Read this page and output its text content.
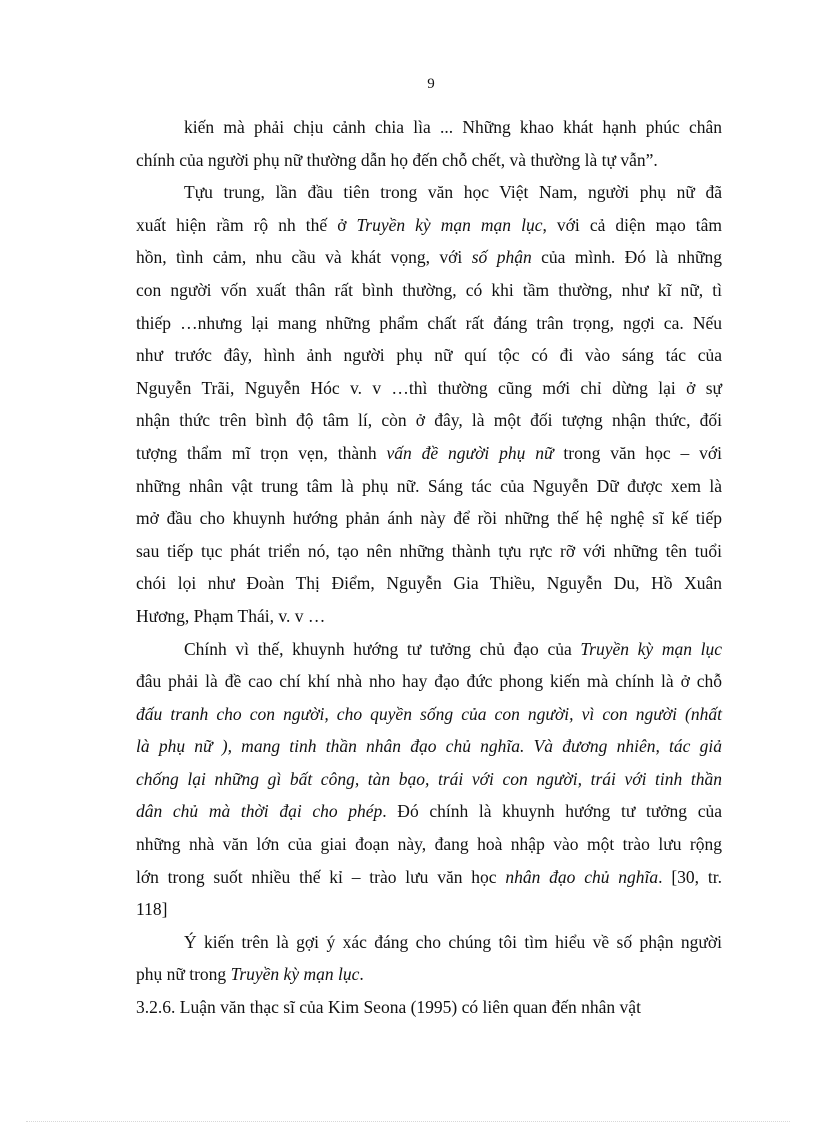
9
kiến mà phải chịu cảnh chia lìa ... Những khao khát hạnh phúc chân
chính của người phụ nữ thường dẫn họ đến chỗ chết, và thường là tự vẫn”.
Tựu trung, lần đầu tiên trong văn học Việt Nam, người phụ nữ đã
xuất hiện rầm rộ nh thế ở Truyền kỳ mạn mạn lục, với cả diện mạo tâm
hồn, tình cảm, nhu cầu và khát vọng, với số phận của mình. Đó là những
con người vốn xuất thân rất bình thường, có khi tầm thường, như kĩ nữ, tì
thiếp …nhưng lại mang những phẩm chất rất đáng trân trọng, ngợi ca. Nếu
như trước đây, hình ảnh người phụ nữ quí tộc có đi vào sáng tác của
Nguyễn Trãi, Nguyễn Hóc v. v …thì thường cũng mới chỉ dừng lại ở sự
nhận thức trên bình độ tâm lí, còn ở đây, là một đối tượng nhận thức, đối
tượng thẩm mĩ trọn vẹn, thành vấn đề người phụ nữ trong văn học – với
những nhân vật trung tâm là phụ nữ. Sáng tác của Nguyễn Dữ được xem là
mở đầu cho khuynh hướng phản ánh này để rồi những thế hệ nghệ sĩ kế tiếp
sau tiếp tục phát triển nó, tạo nên những thành tựu rực rỡ với những tên tuổi
chói lọi như Đoàn Thị Điểm, Nguyễn Gia Thiều, Nguyễn Du, Hồ Xuân
Hương, Phạm Thái, v. v …
Chính vì thế, khuynh hướng tư tưởng chủ đạo của Truyền kỳ mạn lục
đâu phải là đề cao chí khí nhà nho hay đạo đức phong kiến mà chính là ở chỗ
đấu tranh cho con người, cho quyền sống của con người, vì con người (nhất
là phụ nữ ), mang tinh thần nhân đạo chủ nghĩa. Và đương nhiên, tác giả
chống lại những gì bất công, tàn bạo, trái với con người, trái với tinh thần
dân chủ mà thời đại cho phép. Đó chính là khuynh hướng tư tưởng của
những nhà văn lớn của giai đoạn này, đang hoà nhập vào một trào lưu rộng
lớn trong suốt nhiều thế kỉ – trào lưu văn học nhân đạo chủ nghĩa. [30, tr.
118]
Ý kiến trên là gợi ý xác đáng cho chúng tôi tìm hiểu về số phận người
phụ nữ trong Truyền kỳ mạn lục.
3.2.6. Luận văn thạc sĩ của Kim Seona (1995) có liên quan đến nhân vật
